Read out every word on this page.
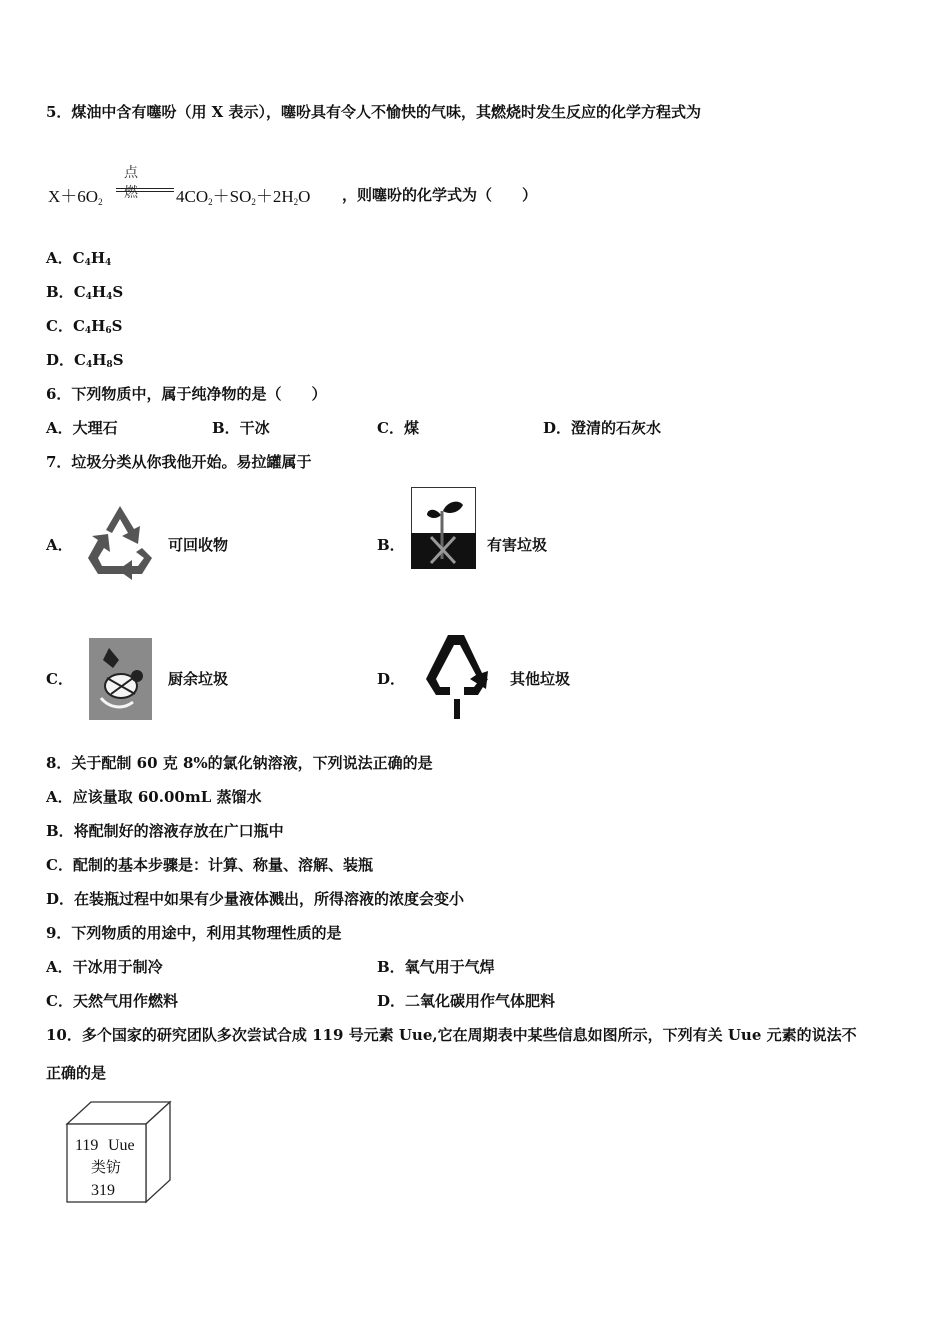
5．煤油中含有噻吩（用 X 表示），噻吩具有令人不愉快的气味，其燃烧时发生反应的化学方程式为
点燃
$X+6O_2$	$4CO_2+SO_2+2H_2O$ ，则噻吩的化学式为（　　）
A．$C_4H_4$
B．$C_4H_4S$
C．$C_4H_6S$
D．$C_4H_8S$
6．下列物质中，属于纯净物的是（　　）
A．大理石	B．干冰	C．煤	D．澄清的石灰水
7．垃圾分类从你我他开始。易拉罐属于
A．	可回收物	B．	有害垃圾
C．	厨余垃圾	D．	其他垃圾
8．关于配制 60 克 8%的氯化钠溶液，下列说法正确的是
A．应该量取 60.00mL 蒸馏水
B．将配制好的溶液存放在广口瓶中
C．配制的基本步骤是：计算、称量、溶解、装瓶
D．在装瓶过程中如果有少量液体溅出，所得溶液的浓度会变小
9．下列物质的用途中，利用其物理性质的是
A．干冰用于制冷	B．氧气用于气焊
C．天然气用作燃料	D．二氧化碳用作气体肥料
10．多个国家的研究团队多次尝试合成 119 号元素 Uue,它在周期表中某些信息如图所示，下列有关 Uue 元素的说法不
正确的是
119 Uue
类钫
319
